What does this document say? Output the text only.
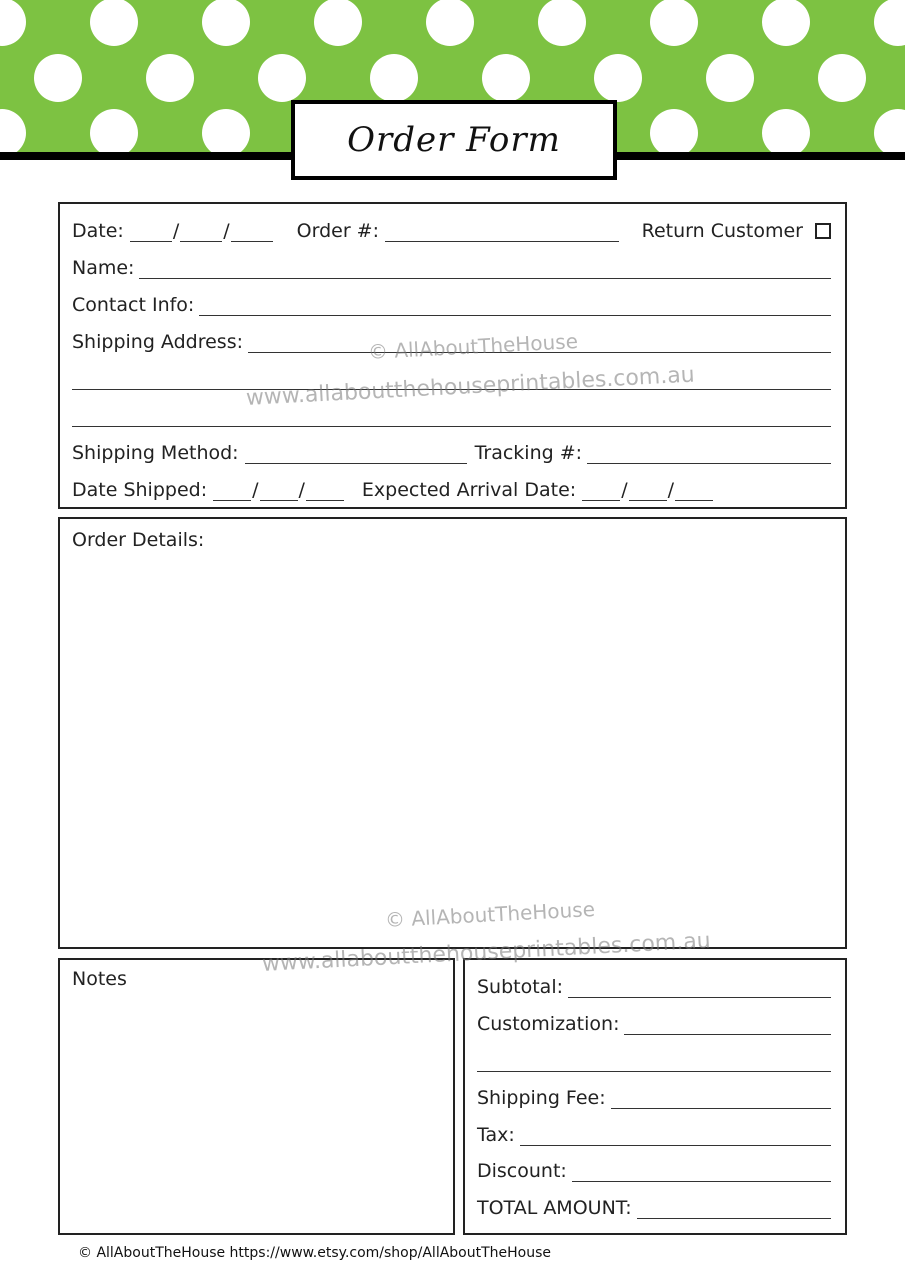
Order Form
Date:	/ /	Order #:	Return Customer
Name:
Contact Info:
Shipping Address:
Shipping Method:	Tracking #:
Date Shipped: / /	Expected Arrival Date: / /
Order Details:
Notes	Subtotal:
Customization:
Shipping Fee:
Tax:
Discount:
TOTAL AMOUNT:
© AllAboutTheHouse
www.allaboutthehouseprintables.com.au
© AllAboutTheHouse
www.allaboutthehouseprintables.com.au
© AllAboutTheHouse https://www.etsy.com/shop/AllAboutTheHouse
